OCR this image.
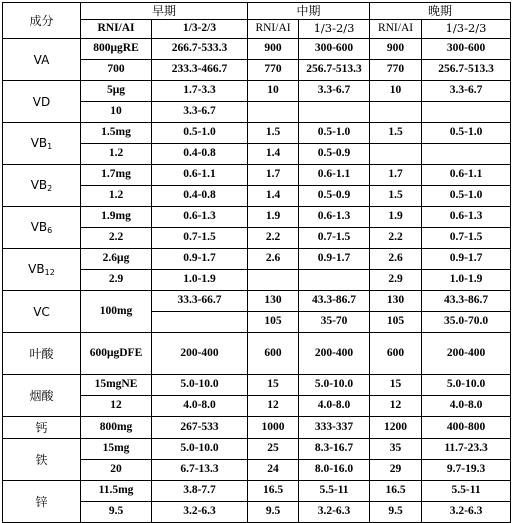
成分	早期		中期		晚期	
	RNI/AI	1/3-2/3	RNI/AI	1/3-2/3	RNI/AI	1/3-2/3
VA	800μgRE	266.7-533.3	900	300-600	900	300-600
	700	233.3-466.7	770	256.7-513.3	770	256.7-513.3
VD	5μg	1.7-3.3	10	3.3-6.7	10	3.3-6.7
	10	3.3-6.7				
$VB_1$	1.5mg	0.5-1.0	1.5	0.5-1.0	1.5	0.5-1.0
	1.2	0.4-0.8	1.4	0.5-0.9		
$VB_2$	1.7mg	0.6-1.1	1.7	0.6-1.1	1.7	0.6-1.1
	1.2	0.4-0.8	1.4	0.5-0.9	1.5	0.5-1.0
$VB_6$	1.9mg	0.6-1.3	1.9	0.6-1.3	1.9	0.6-1.3
	2.2	0.7-1.5	2.2	0.7-1.5	2.2	0.7-1.5
$VB_{12}$	2.6μg	0.9-1.7	2.6	0.9-1.7	2.6	0.9-1.7
	2.9	1.0-1.9			2.9	1.0-1.9
VC	100mg	33.3-66.7	130	43.3-86.7	130	43.3-86.7
			105	35-70	105	35.0-70.0
叶酸	600μgDFE	200-400	600	200-400	600	200-400
烟酸	15mgNE	5.0-10.0	15	5.0-10.0	15	5.0-10.0
	12	4.0-8.0	12	4.0-8.0	12	4.0-8.0
钙	800mg	267-533	1000	333-337	1200	400-800
铁	15mg	5.0-10.0	25	8.3-16.7	35	11.7-23.3
	20	6.7-13.3	24	8.0-16.0	29	9.7-19.3
锌	11.5mg	3.8-7.7	16.5	5.5-11	16.5	5.5-11
	9.5	3.2-6.3	9.5	3.2-6.3	9.5	3.2-6.3
